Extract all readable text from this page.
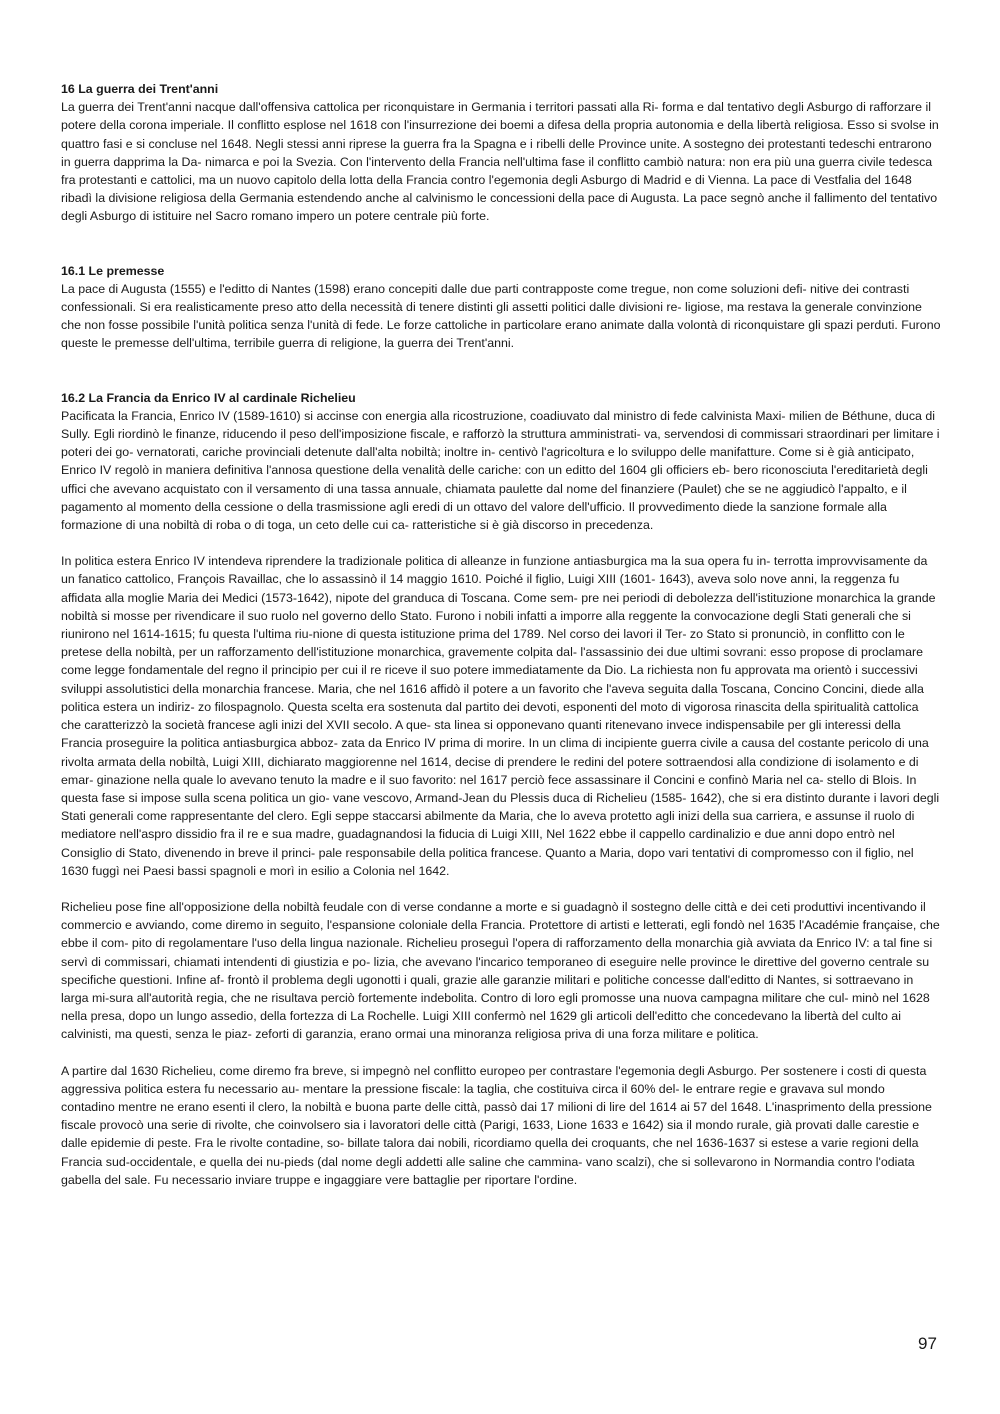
16 La guerra dei Trent'anni

La guerra dei Trent'anni nacque dall'offensiva cattolica per riconquistare in Germania i territori passati alla Ri- forma e dal tentativo degli Asburgo di rafforzare il potere della corona imperiale. Il conflitto esplose nel 1618 con l'insurrezione dei boemi a difesa della propria autonomia e della libertà religiosa. Esso si svolse in quattro fasi e si concluse nel 1648. Negli stessi anni riprese la guerra fra la Spagna e i ribelli delle Province unite. A sostegno dei protestanti tedeschi entrarono in guerra dapprima la Da- nimarca e poi la Svezia. Con l'intervento della Francia nell'ultima fase il conflitto cambiò natura: non era più una guerra civile tedesca fra protestanti e cattolici, ma un nuovo capitolo della lotta della Francia contro l'egemonia degli Asburgo di Madrid e di Vienna. La pace di Vestfalia del 1648 ribadì la divisione religiosa della Germania estendendo anche al calvinismo le concessioni della pace di Augusta. La pace segnò anche il fallimento del tentativo degli Asburgo di istituire nel Sacro romano impero un potere centrale più forte.

16.1 Le premesse

La pace di Augusta (1555) e l'editto di Nantes (1598) erano concepiti dalle due parti contrapposte come tregue, non come soluzioni defi- nitive dei contrasti confessionali. Si era realisticamente preso atto della necessità di tenere distinti gli assetti politici dalle divisioni re- ligiose, ma restava la generale convinzione che non fosse possibile l'unità politica senza l'unità di fede. Le forze cattoliche in particolare erano animate dalla volontà di riconquistare gli spazi perduti. Furono queste le premesse dell'ultima, terribile guerra di religione, la guerra dei Trent'anni.

16.2 La Francia da Enrico IV al cardinale Richelieu

Pacificata la Francia, Enrico IV (1589-1610) si accinse con energia alla ricostruzione, coadiuvato dal ministro di fede calvinista Maxi- milien de Béthune, duca di Sully. Egli riordinò le finanze, riducendo il peso dell'imposizione fiscale, e rafforzò la struttura amministrati- va, servendosi di commissari straordinari per limitare i poteri dei go- vernatorati, cariche provinciali detenute dall'alta nobiltà; inoltre in- centivò l'agricoltura e lo sviluppo delle manifatture. Come si è già anticipato, Enrico IV regolò in maniera definitiva l'annosa questione della venalità delle cariche: con un editto del 1604 gli officiers eb- bero riconosciuta l'ereditarietà degli uffici che avevano acquistato con il versamento di una tassa annuale, chiamata paulette dal nome del finanziere (Paulet) che se ne aggiudicò l'appalto, e il pagamento al momento della cessione o della trasmissione agli eredi di un ottavo del valore dell'ufficio. Il provvedimento diede la sanzione formale alla formazione di una nobiltà di roba o di toga, un ceto delle cui ca- ratteristiche si è già discorso in precedenza.

In politica estera Enrico IV intendeva riprendere la tradizionale politica di alleanze in funzione antiasburgica ma la sua opera fu in- terrotta improvvisamente da un fanatico cattolico, François Ravaillac, che lo assassinò il 14 maggio 1610. Poiché il figlio, Luigi XIII (1601- 1643), aveva solo nove anni, la reggenza fu affidata alla moglie Maria dei Medici (1573-1642), nipote del granduca di Toscana. Come sem- pre nei periodi di debolezza dell'istituzione monarchica la grande nobiltà si mosse per rivendicare il suo ruolo nel governo dello Stato. Furono i nobili infatti a imporre alla reggente la convocazione degli Stati generali che si riunirono nel 1614-1615; fu questa l'ultima riu-nione di questa istituzione prima del 1789. Nel corso dei lavori il Ter- zo Stato si pronunciò, in conflitto con le pretese della nobiltà, per un rafforzamento dell'istituzione monarchica, gravemente colpita dal- l'assassinio dei due ultimi sovrani: esso propose di proclamare come legge fondamentale del regno il principio per cui il re riceve il suo potere immediatamente da Dio. La richiesta non fu approvata ma orientò i successivi sviluppi assolutistici della monarchia francese. Maria, che nel 1616 affidò il potere a un favorito che l'aveva seguita dalla Toscana, Concino Concini, diede alla politica estera un indiriz- zo filospagnolo. Questa scelta era sostenuta dal partito dei devoti, esponenti del moto di vigorosa rinascita della spiritualità cattolica che caratterizzò la società francese agli inizi del XVII secolo. A que- sta linea si opponevano quanti ritenevano invece indispensabile per gli interessi della Francia proseguire la politica antiasburgica abboz- zata da Enrico IV prima di morire. In un clima di incipiente guerra civile a causa del costante pericolo di una rivolta armata della nobiltà, Luigi XIII, dichiarato maggiorenne nel 1614, decise di prendere le redini del potere sottraendosi alla condizione di isolamento e di emar- ginazione nella quale lo avevano tenuto la madre e il suo favorito: nel 1617 perciò fece assassinare il Concini e confinò Maria nel ca- stello di Blois. In questa fase si impose sulla scena politica un gio- vane vescovo, Armand-Jean du Plessis duca di Richelieu (1585- 1642), che si era distinto durante i lavori degli Stati generali come rappresentante del clero. Egli seppe staccarsi abilmente da Maria, che lo aveva protetto agli inizi della sua carriera, e assunse il ruolo di mediatore nell'aspro dissidio fra il re e sua madre, guadagnandosi la fiducia di Luigi XIII, Nel 1622 ebbe il cappello cardinalizio e due anni dopo entrò nel Consiglio di Stato, divenendo in breve il princi- pale responsabile della politica francese. Quanto a Maria, dopo vari tentativi di compromesso con il figlio, nel 1630 fuggì nei Paesi bassi spagnoli e morì in esilio a Colonia nel 1642.

Richelieu pose fine all'opposizione della nobiltà feudale con di verse condanne a morte e si guadagnò il sostegno delle città e dei ceti produttivi incentivando il commercio e avviando, come diremo in seguito, l'espansione coloniale della Francia. Protettore di artisti e letterati, egli fondò nel 1635 l'Académie française, che ebbe il com- pito di regolamentare l'uso della lingua nazionale. Richelieu proseguì l'opera di rafforzamento della monarchia già avviata da Enrico IV: a tal fine si servì di commissari, chiamati intendenti di giustizia e po- lizia, che avevano l'incarico temporaneo di eseguire nelle province le direttive del governo centrale su specifiche questioni. Infine af- frontò il problema degli ugonotti i quali, grazie alle garanzie militari e politiche concesse dall'editto di Nantes, si sottraevano in larga mi-sura all'autorità regia, che ne risultava perciò fortemente indebolita. Contro di loro egli promosse una nuova campagna militare che cul- minò nel 1628 nella presa, dopo un lungo assedio, della fortezza di La Rochelle. Luigi XIII confermò nel 1629 gli articoli dell'editto che concedevano la libertà del culto ai calvinisti, ma questi, senza le piaz- zeforti di garanzia, erano ormai una minoranza religiosa priva di una forza militare e politica.

A partire dal 1630 Richelieu, come diremo fra breve, si impegnò nel conflitto europeo per contrastare l'egemonia degli Asburgo. Per sostenere i costi di questa aggressiva politica estera fu necessario au- mentare la pressione fiscale: la taglia, che costituiva circa il 60% del- le entrare regie e gravava sul mondo contadino mentre ne erano esenti il clero, la nobiltà e buona parte delle città, passò dai 17 milioni di lire del 1614 ai 57 del 1648. L'inasprimento della pressione fiscale provocò una serie di rivolte, che coinvolsero sia i lavoratori delle città (Parigi, 1633, Lione 1633 e 1642) sia il mondo rurale, già provati dalle carestie e dalle epidemie di peste. Fra le rivolte contadine, so- billate talora dai nobili, ricordiamo quella dei croquants, che nel 1636-1637 si estese a varie regioni della Francia sud-occidentale, e quella dei nu-pieds (dal nome degli addetti alle saline che cammina- vano scalzi), che si sollevarono in Normandia contro l'odiata gabella del sale. Fu necessario inviare truppe e ingaggiare vere battaglie per riportare l'ordine.

97
